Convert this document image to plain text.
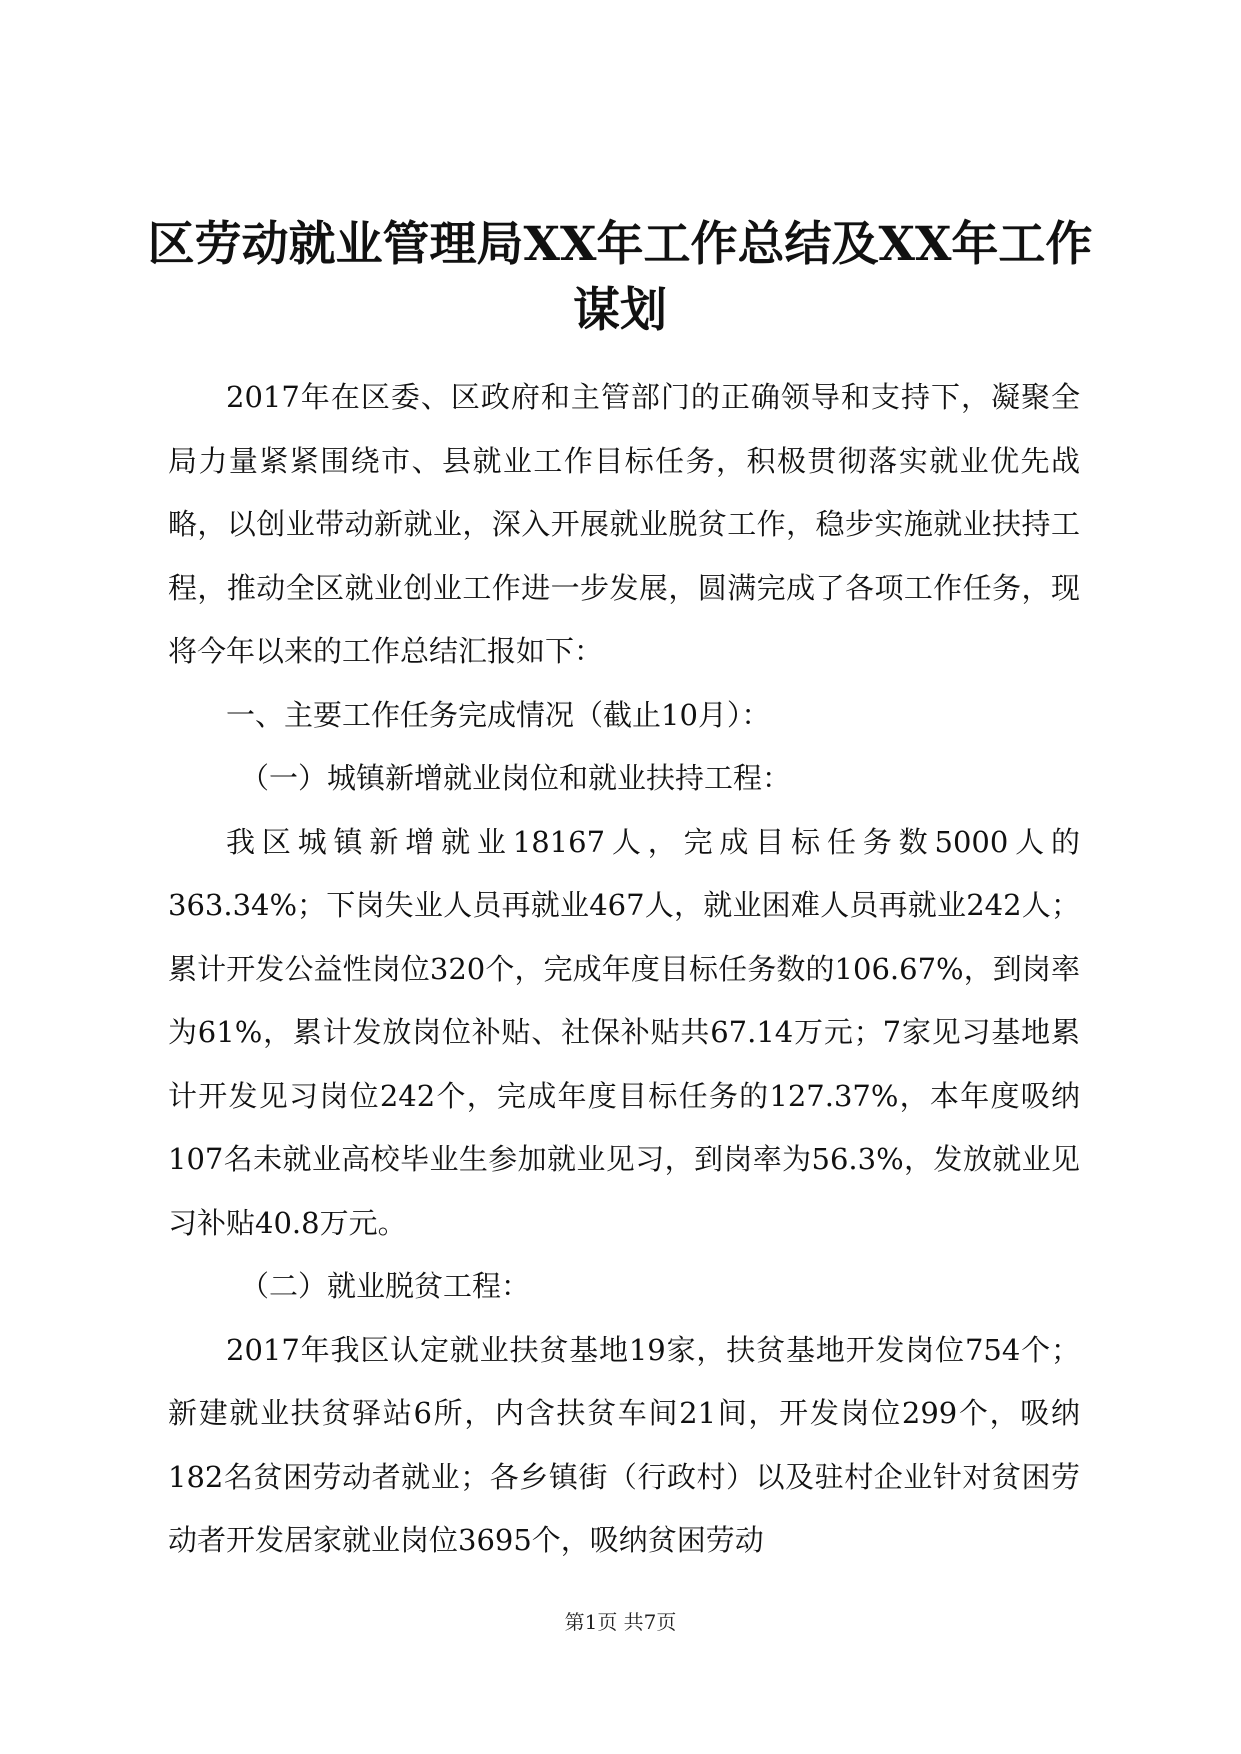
区劳动就业管理局XX年工作总结及XX年工作谋划

2017年在区委、区政府和主管部门的正确领导和支持下，凝聚全局力量紧紧围绕市、县就业工作目标任务，积极贯彻落实就业优先战略，以创业带动新就业，深入开展就业脱贫工作，稳步实施就业扶持工程，推动全区就业创业工作进一步发展，圆满完成了各项工作任务，现将今年以来的工作总结汇报如下：

一、主要工作任务完成情况（截止10月）：

（一）城镇新增就业岗位和就业扶持工程：

我区城镇新增就业18167人，完成目标任务数5000人的363.34%；下岗失业人员再就业467人，就业困难人员再就业242人；累计开发公益性岗位320个，完成年度目标任务数的106.67%，到岗率为61%，累计发放岗位补贴、社保补贴共67.14万元；7家见习基地累计开发见习岗位242个，完成年度目标任务的127.37%，本年度吸纳107名未就业高校毕业生参加就业见习，到岗率为56.3%，发放就业见习补贴40.8万元。

（二）就业脱贫工程：

2017年我区认定就业扶贫基地19家，扶贫基地开发岗位754个；新建就业扶贫驿站6所，内含扶贫车间21间，开发岗位299个，吸纳182名贫困劳动者就业；各乡镇街（行政村）以及驻村企业针对贫困劳动者开发居家就业岗位3695个，吸纳贫困劳动

第1页 共7页
